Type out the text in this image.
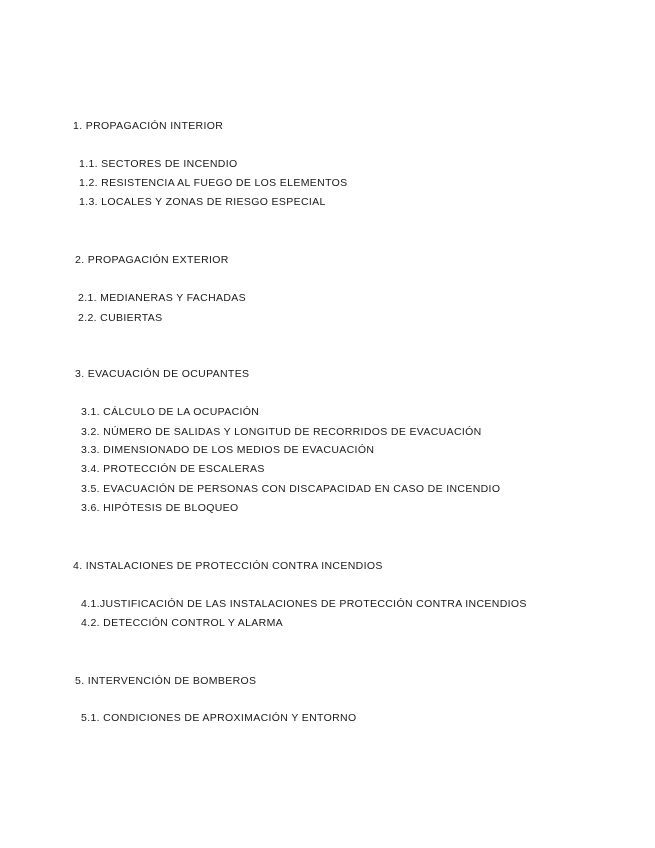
1. PROPAGACIÓN INTERIOR
1.1. SECTORES DE INCENDIO
1.2. RESISTENCIA AL FUEGO DE LOS ELEMENTOS
1.3. LOCALES Y ZONAS DE RIESGO ESPECIAL
2. PROPAGACIÓN EXTERIOR
2.1. MEDIANERAS Y FACHADAS
2.2. CUBIERTAS
3. EVACUACIÓN DE OCUPANTES
3.1. CÁLCULO DE LA OCUPACIÓN
3.2. NÚMERO DE SALIDAS Y LONGITUD DE RECORRIDOS DE EVACUACIÓN
3.3. DIMENSIONADO DE LOS MEDIOS DE EVACUACIÓN
3.4. PROTECCIÓN DE ESCALERAS
3.5. EVACUACIÓN DE PERSONAS CON DISCAPACIDAD EN CASO DE INCENDIO
3.6. HIPÓTESIS DE BLOQUEO
4. INSTALACIONES DE PROTECCIÓN CONTRA INCENDIOS
4.1.JUSTIFICACIÓN DE LAS INSTALACIONES DE PROTECCIÓN CONTRA INCENDIOS
4.2. DETECCIÓN CONTROL Y ALARMA
5. INTERVENCIÓN DE BOMBEROS
5.1. CONDICIONES DE APROXIMACIÓN Y ENTORNO
